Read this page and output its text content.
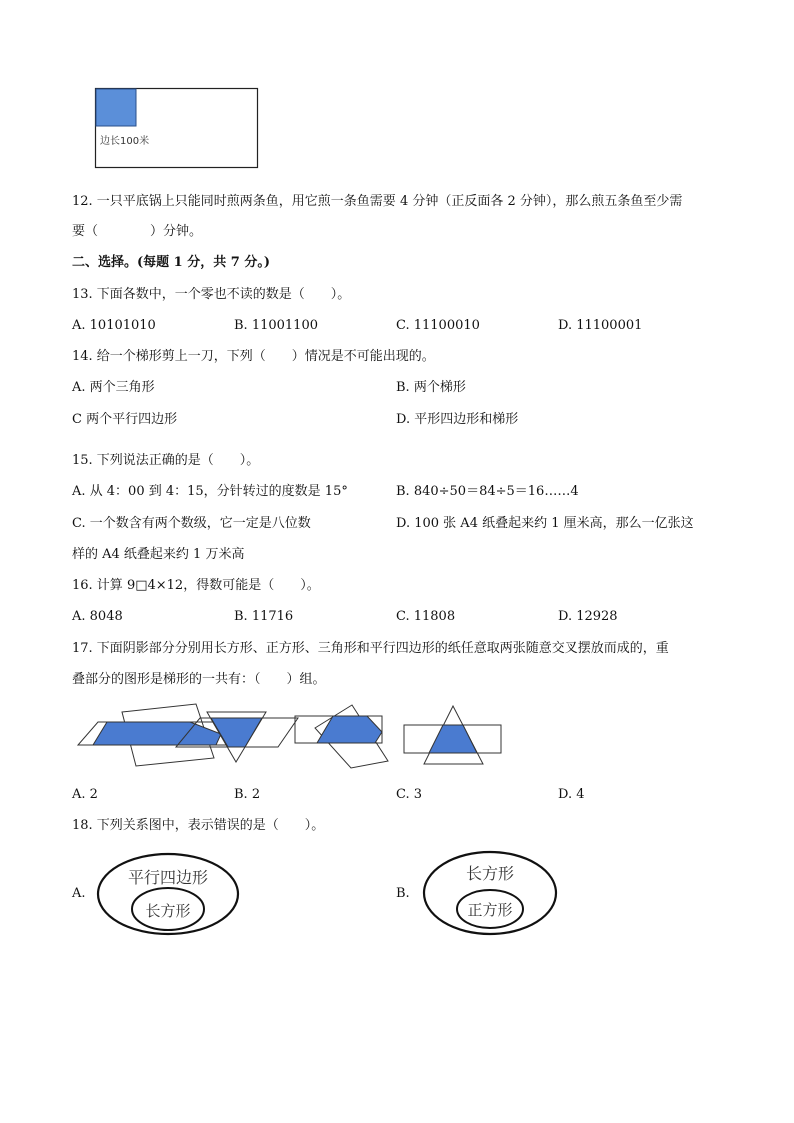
边长100米
12. 一只平底锅上只能同时煎两条鱼，用它煎一条鱼需要 4 分钟（正反面各 2 分钟），那么煎五条鱼至少需
要（　　　　）分钟。
二、选择。(每题 1 分，共 7 分。)
13. 下面各数中，一个零也不读的数是（　　）。
A. 10101010	B. 11001100	C. 11100010	D. 11100001
14. 给一个梯形剪上一刀，下列（　　）情况是不可能出现的。
A. 两个三角形	B. 两个梯形
C 两个平行四边形	D. 平形四边形和梯形
15. 下列说法正确的是（　　）。
A. 从 4：00 到 4：15，分针转过的度数是 15°	B. 840÷50＝84÷5＝16……4
C. 一个数含有两个数级，它一定是八位数	D. 100 张 A4 纸叠起来约 1 厘米高，那么一亿张这
样的 A4 纸叠起来约 1 万米高
16. 计算 9□4×12，得数可能是（　　）。
A. 8048	B. 11716	C. 11808	D. 12928
17. 下面阴影部分分别用长方形、正方形、三角形和平行四边形的纸任意取两张随意交叉摆放而成的，重
叠部分的图形是梯形的一共有：（　　）组。
A. 2	B. 2	C. 3	D. 4
18. 下列关系图中，表示错误的是（　　）。
A.
平行四边形
长方形
B.
长方形
正方形
